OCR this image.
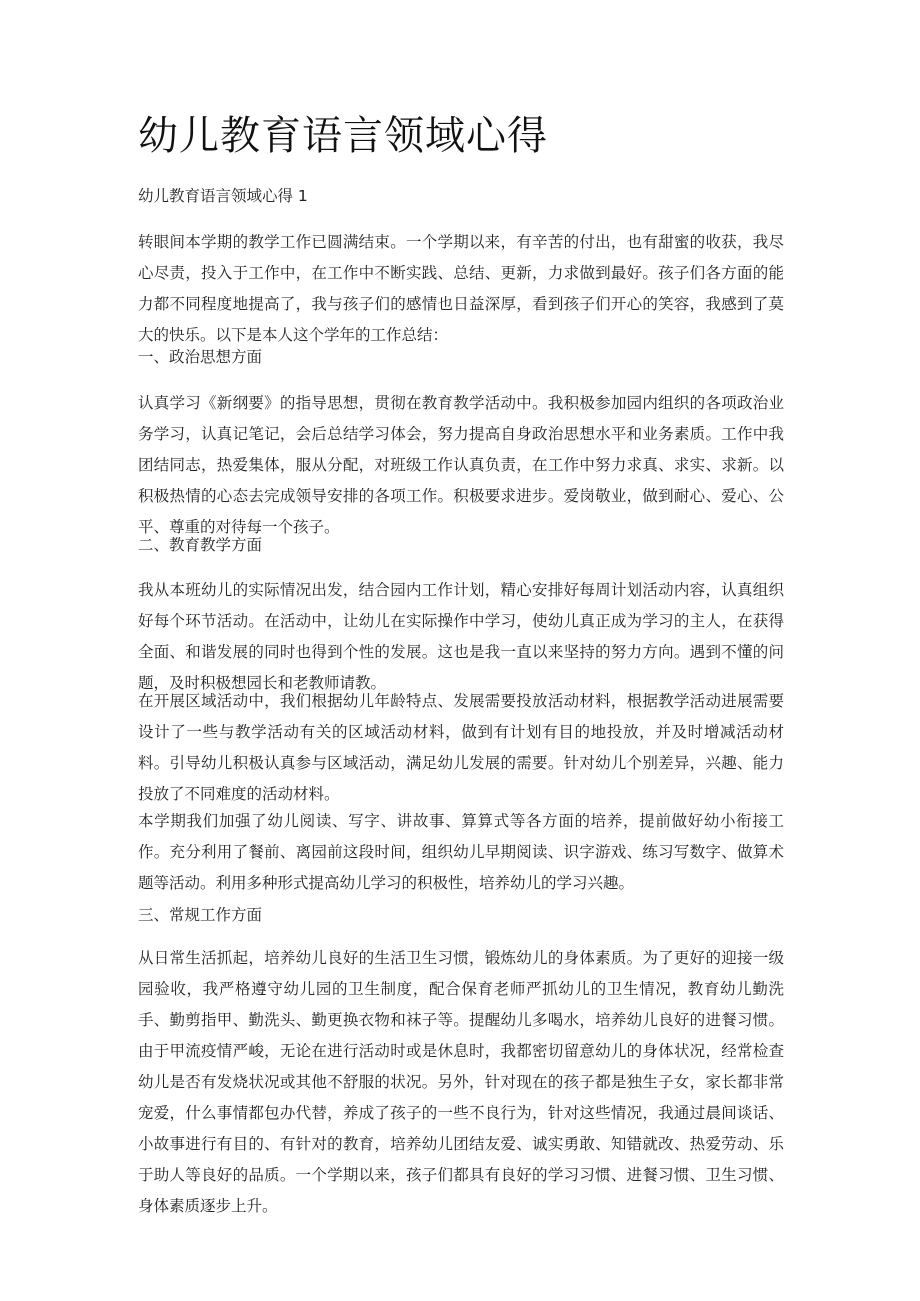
幼儿教育语言领域心得

幼儿教育语言领域心得 1

转眼间本学期的教学工作已圆满结束。一个学期以来，有辛苦的付出，也有甜蜜的收获，我尽心尽责，投入于工作中，在工作中不断实践、总结、更新，力求做到最好。孩子们各方面的能力都不同程度地提高了，我与孩子们的感情也日益深厚，看到孩子们开心的笑容，我感到了莫大的快乐。以下是本人这个学年的工作总结：

一、政治思想方面

认真学习《新纲要》的指导思想，贯彻在教育教学活动中。我积极参加园内组织的各项政治业务学习，认真记笔记，会后总结学习体会，努力提高自身政治思想水平和业务素质。工作中我团结同志，热爱集体，服从分配，对班级工作认真负责，在工作中努力求真、求实、求新。以积极热情的心态去完成领导安排的各项工作。积极要求进步。爱岗敬业，做到耐心、爱心、公平、尊重的对待每一个孩子。

二、教育教学方面

我从本班幼儿的实际情况出发，结合园内工作计划，精心安排好每周计划活动内容，认真组织好每个环节活动。在活动中，让幼儿在实际操作中学习，使幼儿真正成为学习的主人，在获得全面、和谐发展的同时也得到个性的发展。这也是我一直以来坚持的努力方向。遇到不懂的问题，及时积极想园长和老教师请教。

在开展区域活动中，我们根据幼儿年龄特点、发展需要投放活动材料，根据教学活动进展需要设计了一些与教学活动有关的区域活动材料，做到有计划有目的地投放，并及时增减活动材料。引导幼儿积极认真参与区域活动，满足幼儿发展的需要。针对幼儿个别差异，兴趣、能力投放了不同难度的活动材料。

本学期我们加强了幼儿阅读、写字、讲故事、算算式等各方面的培养，提前做好幼小衔接工作。充分利用了餐前、离园前这段时间，组织幼儿早期阅读、识字游戏、练习写数字、做算术题等活动。利用多种形式提高幼儿学习的积极性，培养幼儿的学习兴趣。

三、常规工作方面

从日常生活抓起，培养幼儿良好的生活卫生习惯，锻炼幼儿的身体素质。为了更好的迎接一级园验收，我严格遵守幼儿园的卫生制度，配合保育老师严抓幼儿的卫生情况，教育幼儿勤洗手、勤剪指甲、勤洗头、勤更换衣物和袜子等。提醒幼儿多喝水，培养幼儿良好的进餐习惯。由于甲流疫情严峻，无论在进行活动时或是休息时，我都密切留意幼儿的身体状况，经常检查幼儿是否有发烧状况或其他不舒服的状况。另外，针对现在的孩子都是独生子女，家长都非常宠爱，什么事情都包办代替，养成了孩子的一些不良行为，针对这些情况，我通过晨间谈话、小故事进行有目的、有针对的教育，培养幼儿团结友爱、诚实勇敢、知错就改、热爱劳动、乐于助人等良好的品质。一个学期以来，孩子们都具有良好的学习习惯、进餐习惯、卫生习惯、身体素质逐步上升。
